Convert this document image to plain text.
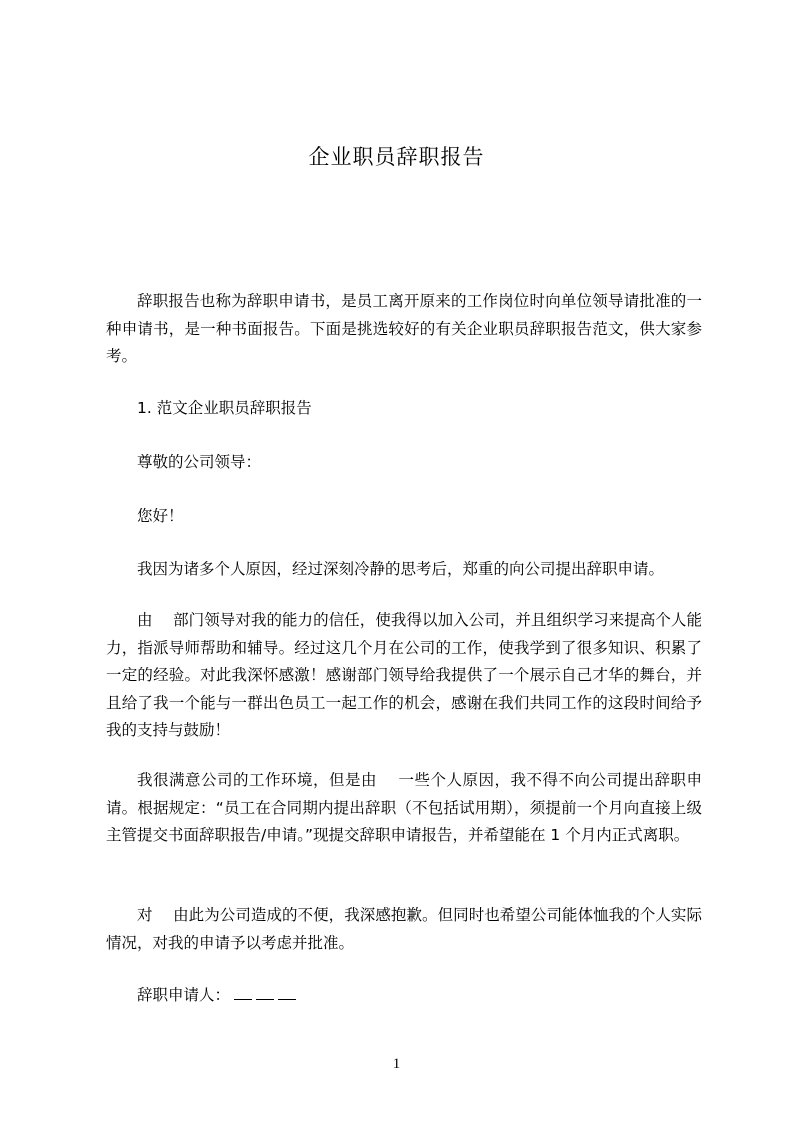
企业职员辞职报告

辞职报告也称为辞职申请书，是员工离开原来的工作岗位时向单位领导请批准的一种申请书，是一种书面报告。下面是挑选较好的有关企业职员辞职报告范文，供大家参考。

1. 范文企业职员辞职报告

尊敬的公司领导：

您好！

我因为诸多个人原因，经过深刻冷静的思考后，郑重的向公司提出辞职申请。

由　 部门领导对我的能力的信任，使我得以加入公司，并且组织学习来提高个人能力，指派导师帮助和辅导。经过这几个月在公司的工作，使我学到了很多知识、积累了一定的经验。对此我深怀感激！感谢部门领导给我提供了一个展示自己才华的舞台，并且给了我一个能与一群出色员工一起工作的机会，感谢在我们共同工作的这段时间给予我的支持与鼓励！

我很满意公司的工作环境，但是由　 一些个人原因，我不得不向公司提出辞职申请。根据规定：“员工在合同期内提出辞职（不包括试用期），须提前一个月向直接上级主管提交书面辞职报告/申请。”现提交辞职申请报告，并希望能在 1 个月内正式离职。

对　 由此为公司造成的不便，我深感抱歉。但同时也希望公司能体恤我的个人实际情况，对我的申请予以考虑并批准。

辞职申请人：
1
